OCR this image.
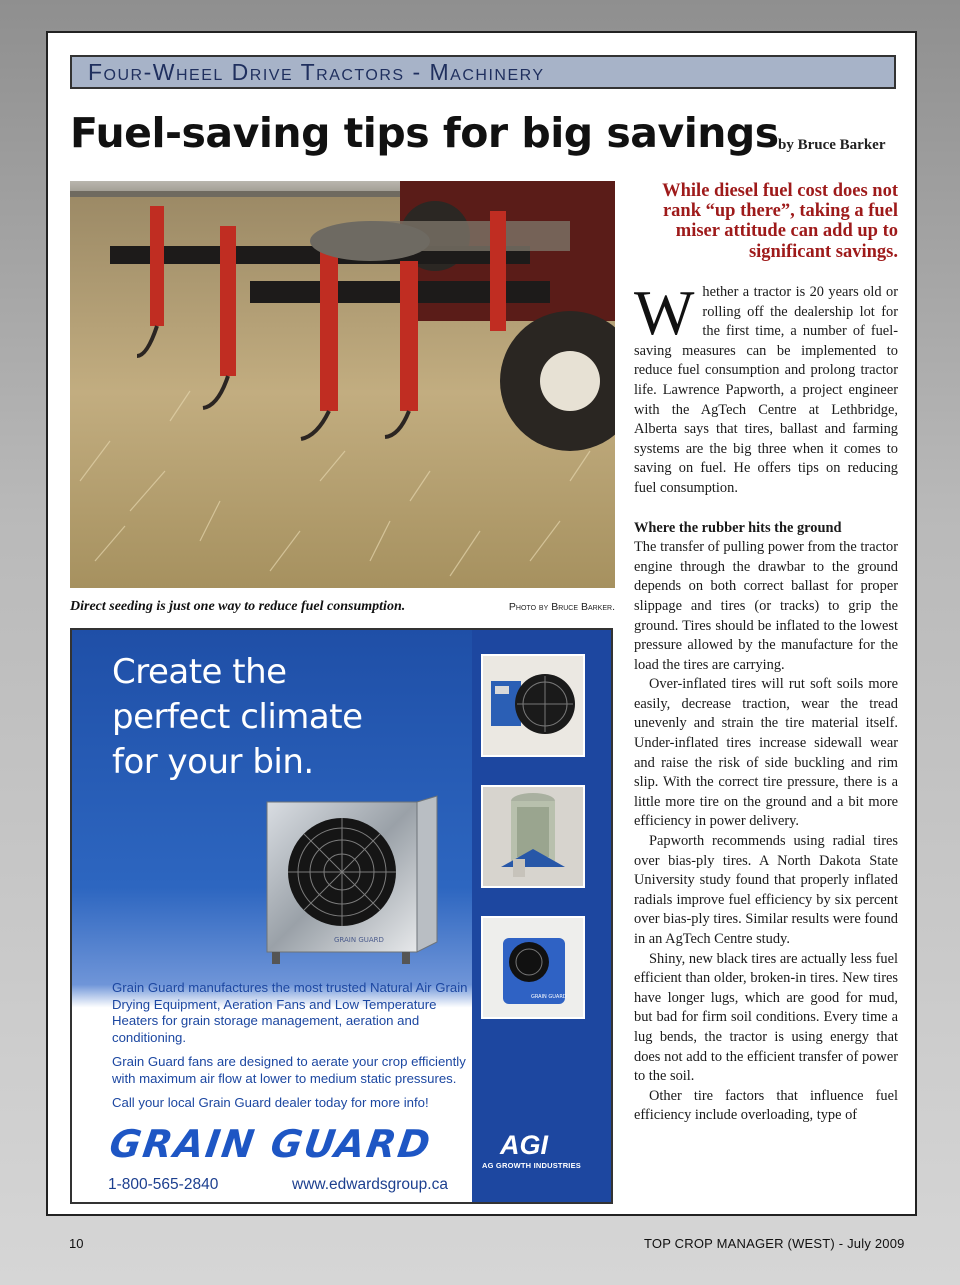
Four-Wheel Drive Tractors - Machinery
Fuel-saving tips for big savings by Bruce Barker
Direct seeding is just one way to reduce fuel consumption.	Photo by Bruce Barker.
Create the
perfect climate
for your bin.
GRAIN GUARD

Grain Guard manufactures the most trusted Natural Air Grain Drying Equipment, Aeration Fans and Low Temperature Heaters for grain storage management, aeration and conditioning.

Grain Guard fans are designed to aerate your crop efficiently with maximum air flow at lower to medium static pressures.

Call your local Grain Guard dealer today for more info!

GRAIN GUARD
1-800-565-2840	www.edwardsgroup.ca
GRAIN GUARD
AGI
AG GROWTH INDUSTRIES
While diesel fuel cost does not rank “up there”, taking a fuel miser attitude can add up to significant savings.

Whether a tractor is 20 years old or rolling off the dealership lot for the first time, a number of fuel-saving measures can be implemented to reduce fuel consumption and prolong tractor life. Lawrence Papworth, a project engineer with the AgTech Centre at Lethbridge, Alberta says that tires, ballast and farming systems are the big three when it comes to saving on fuel. He offers tips on reducing fuel consumption.

Where the rubber hits the ground

The transfer of pulling power from the tractor engine through the drawbar to the ground depends on both correct ballast for proper slippage and tires (or tracks) to grip the ground. Tires should be inflated to the lowest pressure allowed by the manufacture for the load the tires are carrying.

Over-inflated tires will rut soft soils more easily, decrease traction, wear the tread unevenly and strain the tire material itself. Under-inflated tires increase sidewall wear and raise the risk of side buckling and rim slip. With the correct tire pressure, there is a little more tire on the ground and a bit more efficiency in power delivery.

Papworth recommends using radial tires over bias-ply tires. A North Dakota State University study found that properly inflated radials improve fuel efficiency by six percent over bias-ply tires. Similar results were found in an AgTech Centre study.

Shiny, new black tires are actually less fuel efficient than older, broken-in tires. New tires have longer lugs, which are good for mud, but bad for firm soil conditions. Every time a lug bends, the tractor is using energy that does not add to the efficient transfer of power to the soil.

Other tire factors that influence fuel efficiency include overloading, type of

10	TOP CROP MANAGER (WEST) - July 2009
